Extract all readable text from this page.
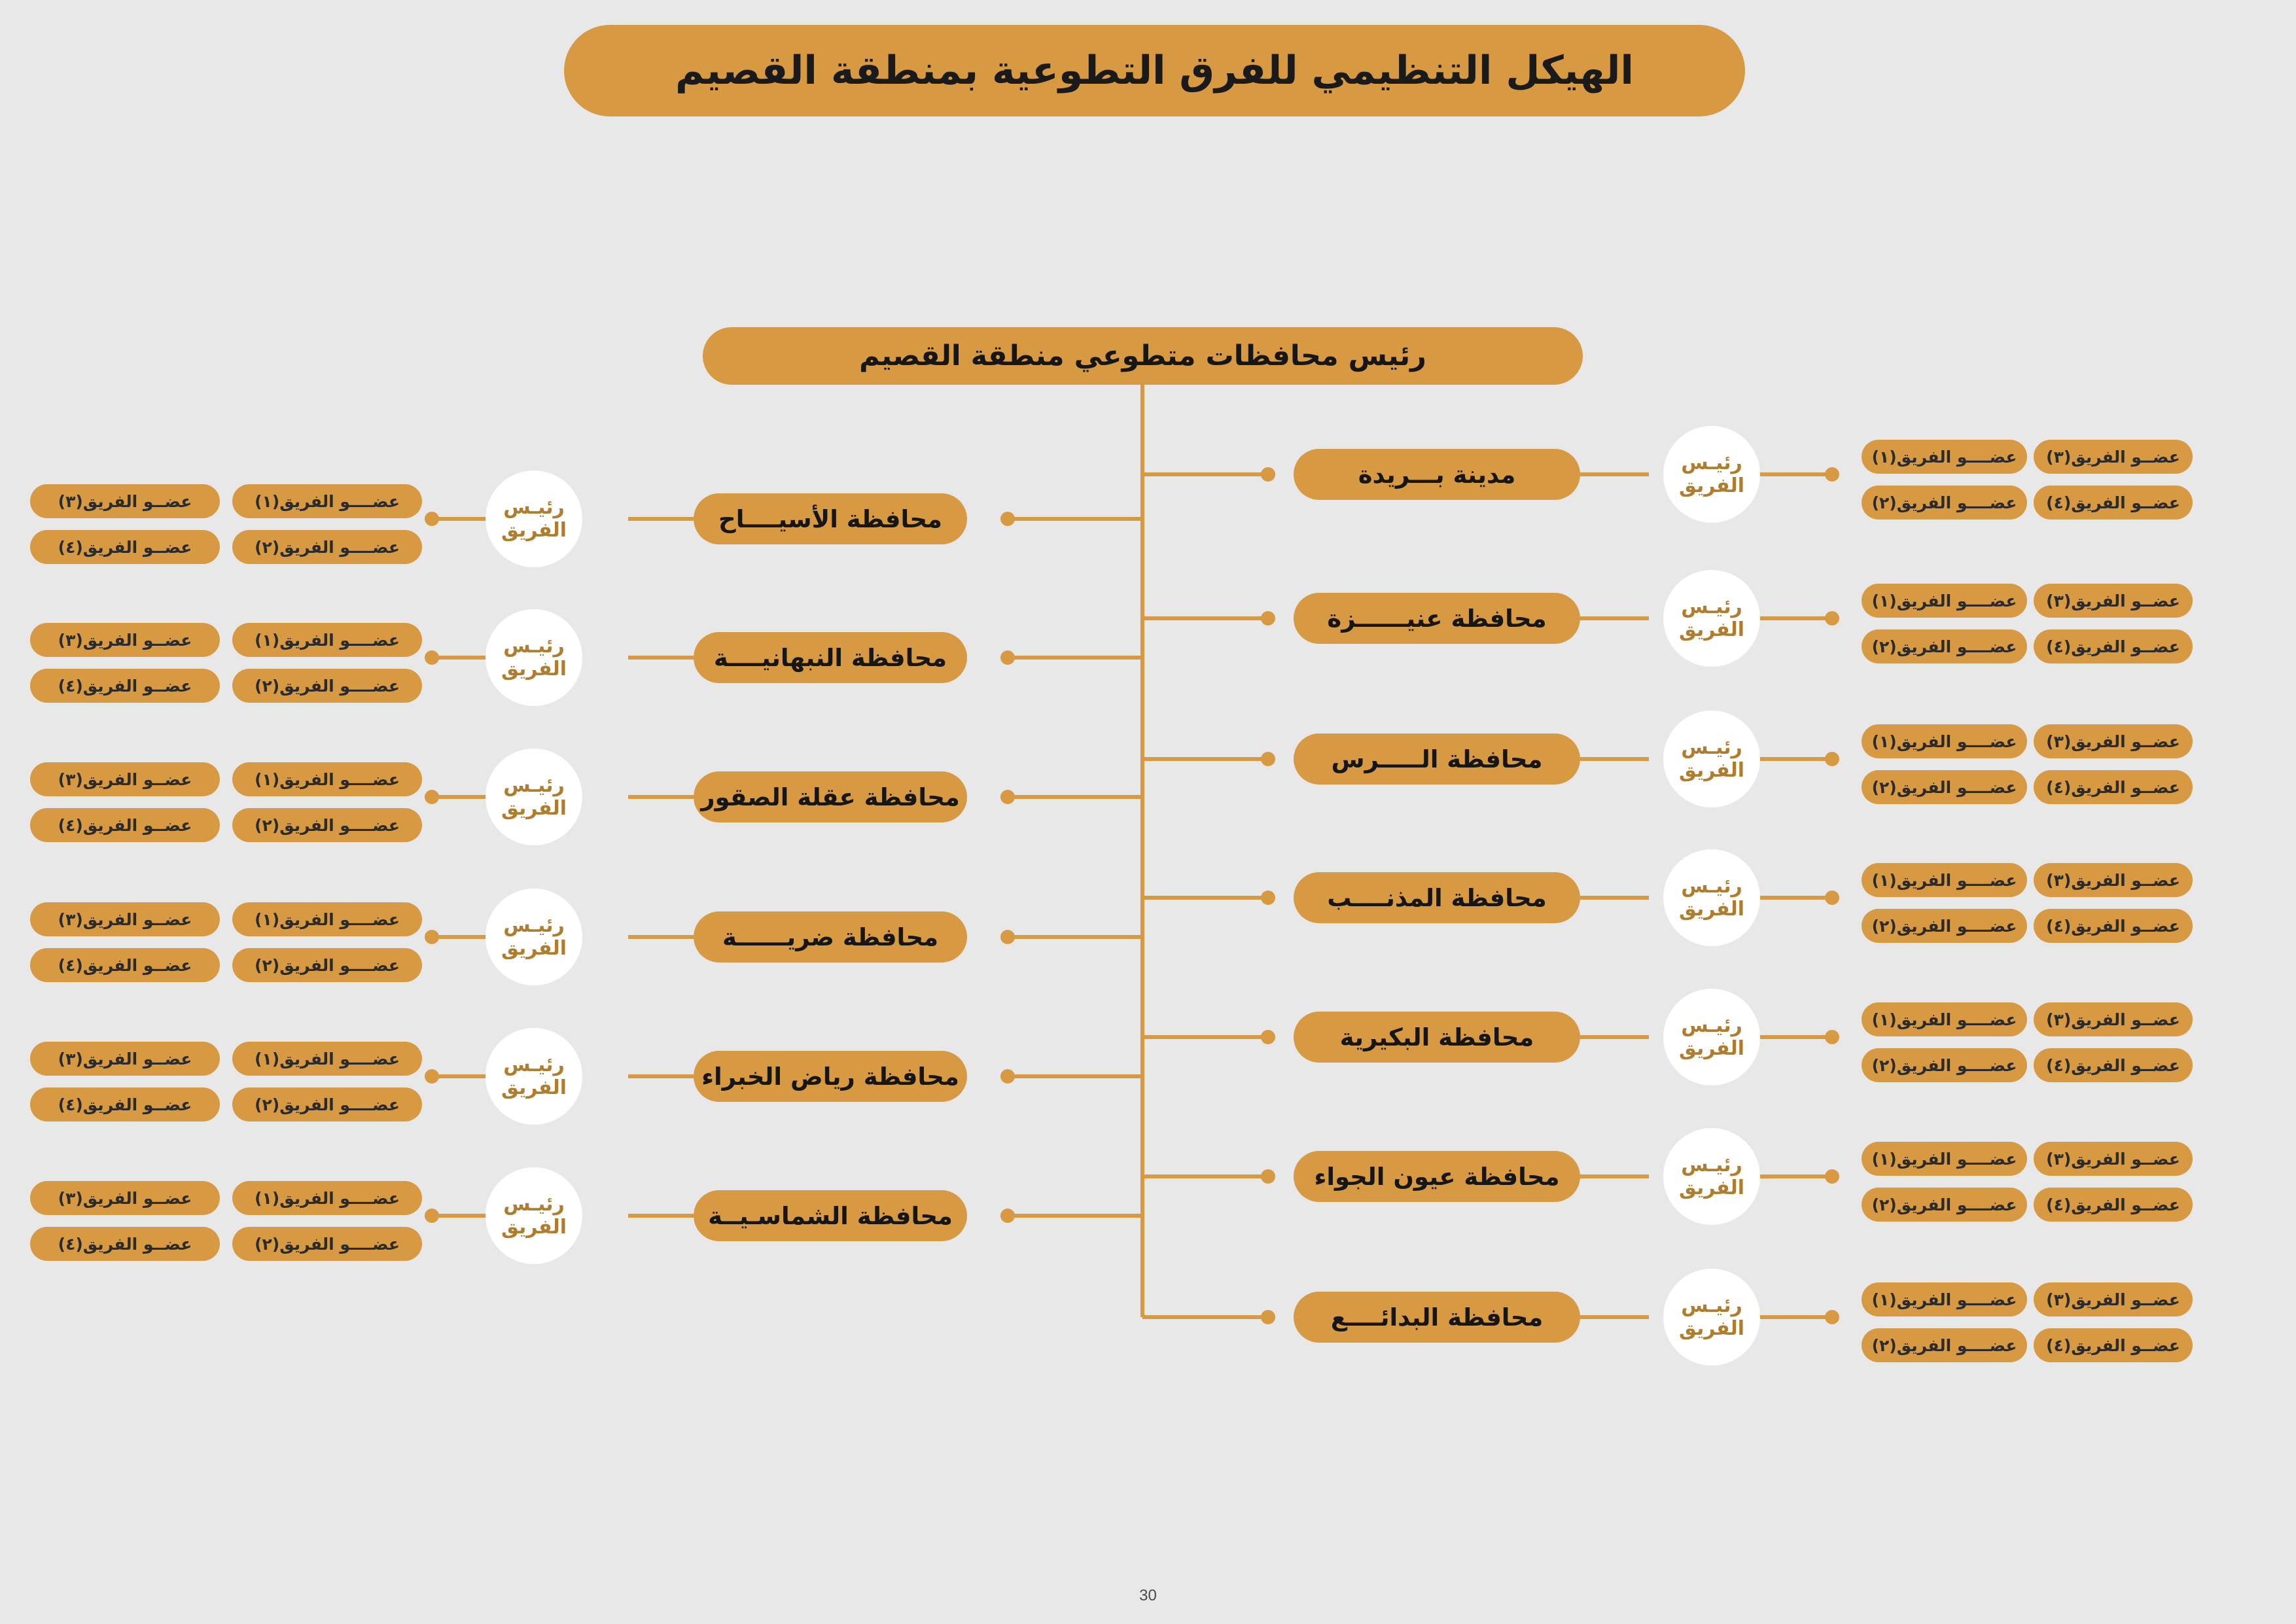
الهيكل التنظيمي للفرق التطوعية بمنطقة القصيم
رئيس محافظات متطوعي منطقة القصيم
مدينة بـــريدة	رئيـس
الفريق
عضــــو الفريق(١)
عضــــو الفريق(٢)
عضــو الفريق(٣)
عضــو الفريق(٤)
محافظة عنيــــــزة	رئيـس
الفريق
عضــــو الفريق(١)
عضــــو الفريق(٢)
عضــو الفريق(٣)
عضــو الفريق(٤)
محافظة الـــــرس	رئيـس
الفريق
عضــــو الفريق(١)
عضــــو الفريق(٢)
عضــو الفريق(٣)
عضــو الفريق(٤)
محافظة المذنــــب	رئيـس
الفريق
عضــــو الفريق(١)
عضــــو الفريق(٢)
عضــو الفريق(٣)
عضــو الفريق(٤)
محافظة البكيرية	رئيـس
الفريق
عضــــو الفريق(١)
عضــــو الفريق(٢)
عضــو الفريق(٣)
عضــو الفريق(٤)
محافظة عيون الجواء	رئيـس
الفريق
عضــــو الفريق(١)
عضــــو الفريق(٢)
عضــو الفريق(٣)
عضــو الفريق(٤)
محافظة البدائــــع	رئيـس
الفريق
عضــــو الفريق(١)
عضــــو الفريق(٢)
عضــو الفريق(٣)
عضــو الفريق(٤)
محافظة الأسيــــاح
رئيـس
الفريق
عضــــو الفريق(١)
عضــــو الفريق(٢)
عضــو الفريق(٣)
عضــو الفريق(٤)
محافظة النبهانيــــة
رئيـس
الفريق
عضــــو الفريق(١)
عضــــو الفريق(٢)
عضــو الفريق(٣)
عضــو الفريق(٤)
محافظة عقلة الصقور
رئيـس
الفريق
عضــــو الفريق(١)
عضــــو الفريق(٢)
عضــو الفريق(٣)
عضــو الفريق(٤)
محافظة ضريــــــة
رئيـس
الفريق
عضــــو الفريق(١)
عضــــو الفريق(٢)
عضــو الفريق(٣)
عضــو الفريق(٤)
محافظة رياض الخبراء
رئيـس
الفريق
عضــــو الفريق(١)
عضــــو الفريق(٢)
عضــو الفريق(٣)
عضــو الفريق(٤)
محافظة الشماسـيــة
رئيـس
الفريق
عضــــو الفريق(١)
عضــــو الفريق(٢)
عضــو الفريق(٣)
عضــو الفريق(٤)
30
